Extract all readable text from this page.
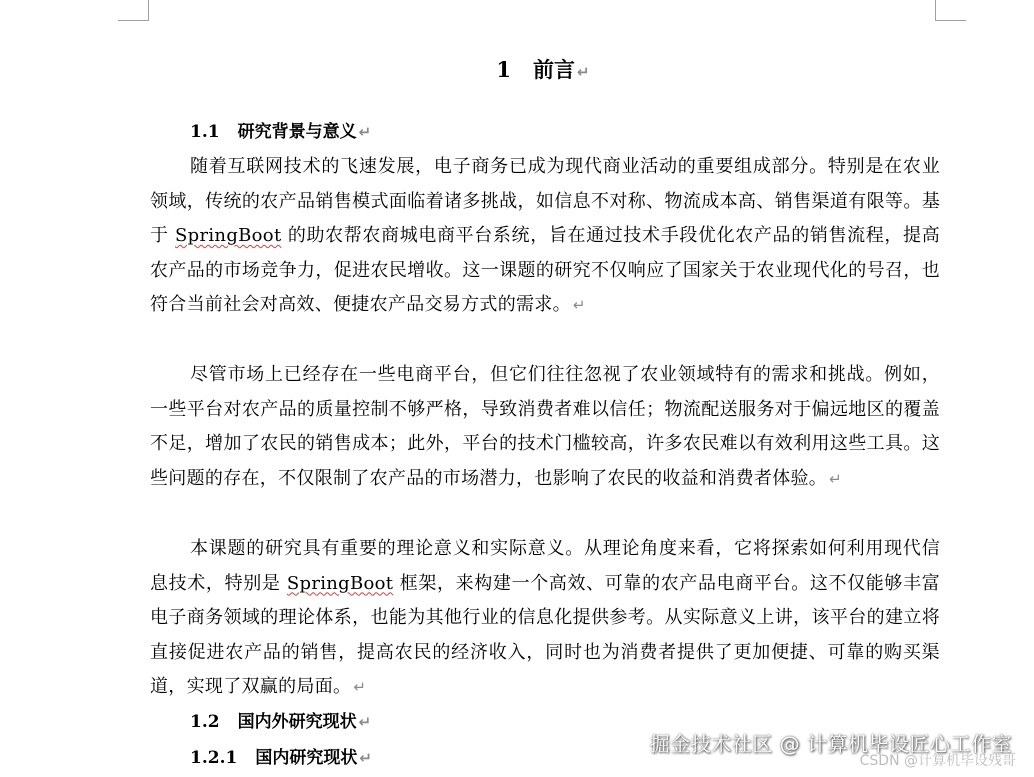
1 前言 ↵
1.1 研究背景与意义 ↵
随着互联网技术的飞速发展，电子商务已成为现代商业活动的重要组成部分。特别是在农业领域，传统的农产品销售模式面临着诸多挑战，如信息不对称、物流成本高、销售渠道有限等。基于 SpringBoot 的助农帮农商城电商平台系统，旨在通过技术手段优化农产品的销售流程，提高农产品的市场竞争力，促进农民增收。这一课题的研究不仅响应了国家关于农业现代化的号召，也符合当前社会对高效、便捷农产品交易方式的需求。 ↵
尽管市场上已经存在一些电商平台，但它们往往忽视了农业领域特有的需求和挑战。例如，一些平台对农产品的质量控制不够严格，导致消费者难以信任；物流配送服务对于偏远地区的覆盖不足，增加了农民的销售成本；此外，平台的技术门槛较高，许多农民难以有效利用这些工具。这些问题的存在，不仅限制了农产品的市场潜力，也影响了农民的收益和消费者体验。 ↵
本课题的研究具有重要的理论意义和实际意义。从理论角度来看，它将探索如何利用现代信息技术，特别是 SpringBoot 框架，来构建一个高效、可靠的农产品电商平台。这不仅能够丰富电子商务领域的理论体系，也能为其他行业的信息化提供参考。从实际意义上讲，该平台的建立将直接促进农产品的销售，提高农民的经济收入，同时也为消费者提供了更加便捷、可靠的购买渠道，实现了双赢的局面。 ↵
1.2 国内外研究现状 ↵
1.2.1 国内研究现状 ↵
掘金技术社区 @ 计算机毕设匠心工作室
CSDN @计算机毕设残哥
